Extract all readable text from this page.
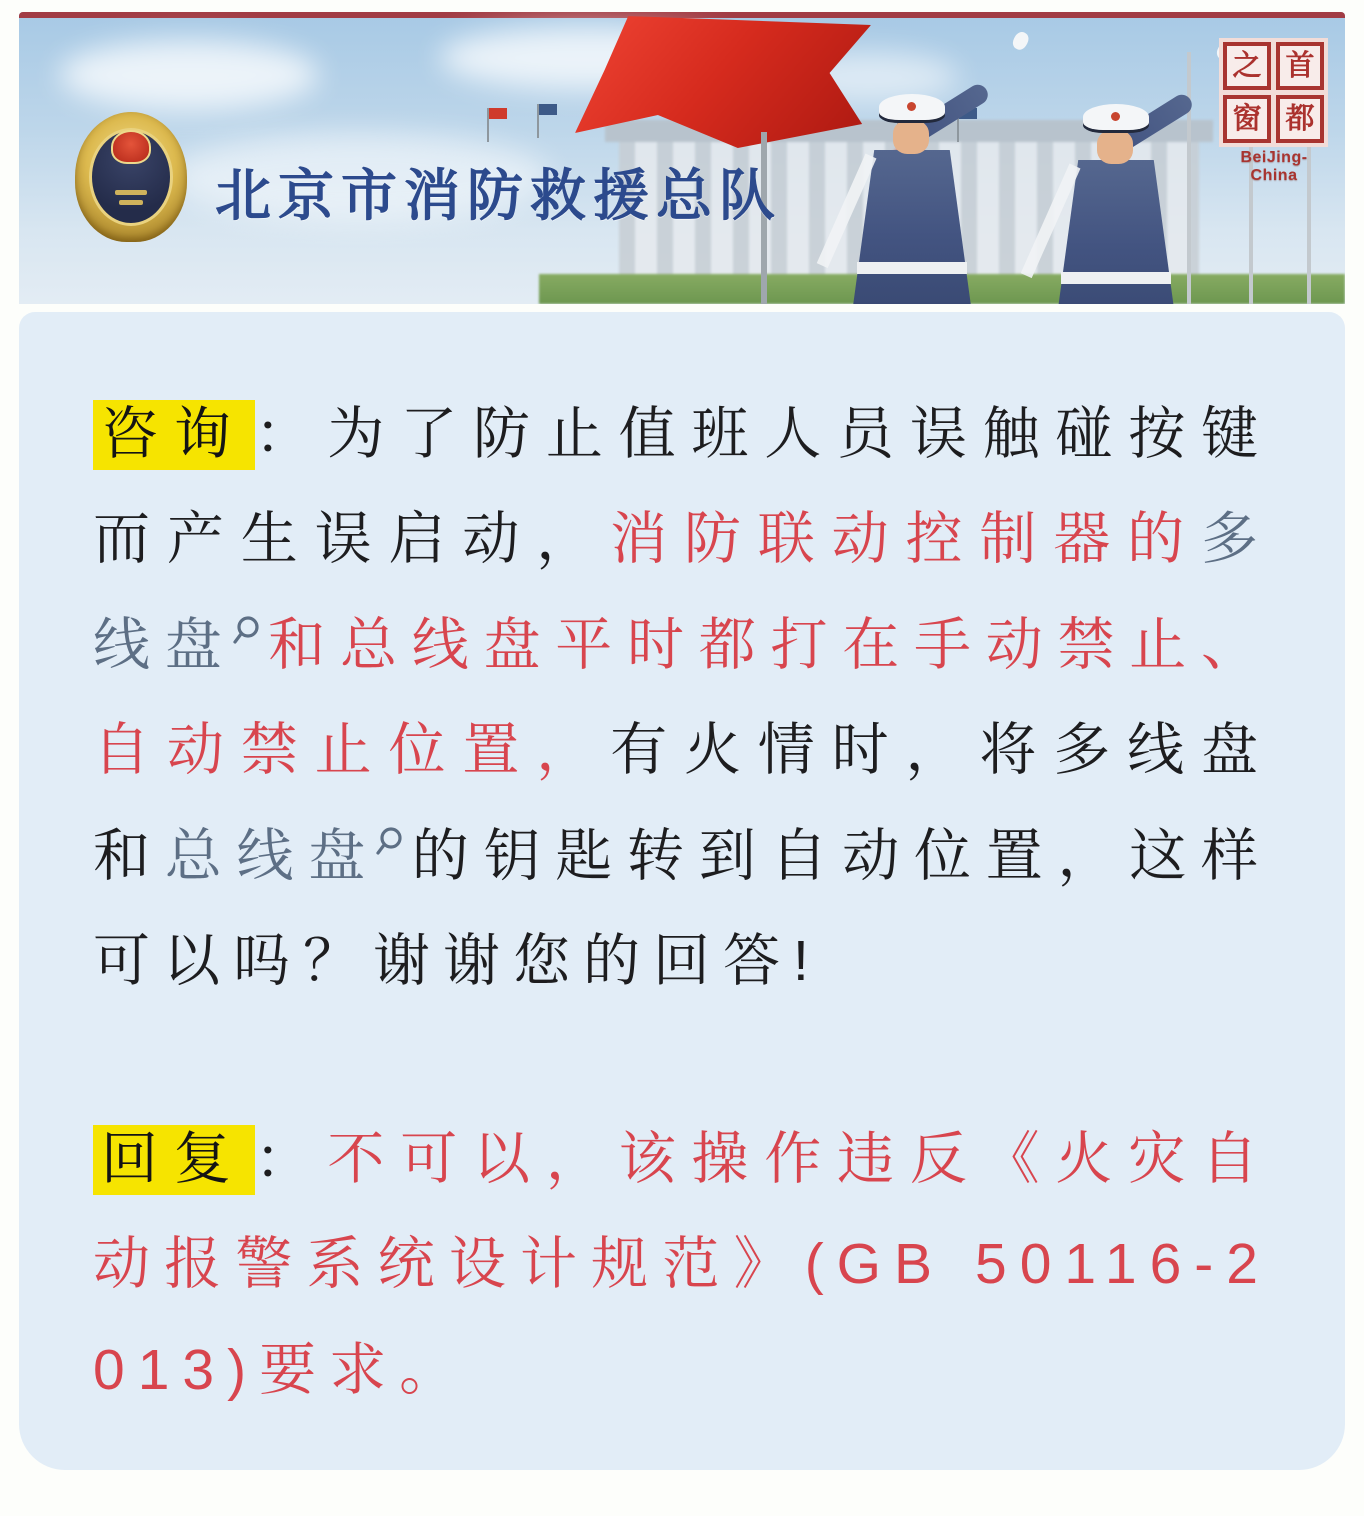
北京市消防救援总队
之 首
窗 都
BeiJing-China

咨询 ：为了防止值班人员误触碰按键而产生误启动，消防联动控制器的多线盘 和总线盘平时都打在手动禁止、自动禁止位置，有火情时，将多线盘和总线盘 的钥匙转到自动位置，这样可以吗？谢谢您的回答!

回复 ：不可以，该操作违反《火灾自动报警系统设计规范》(GB 50116-2013)要求。
